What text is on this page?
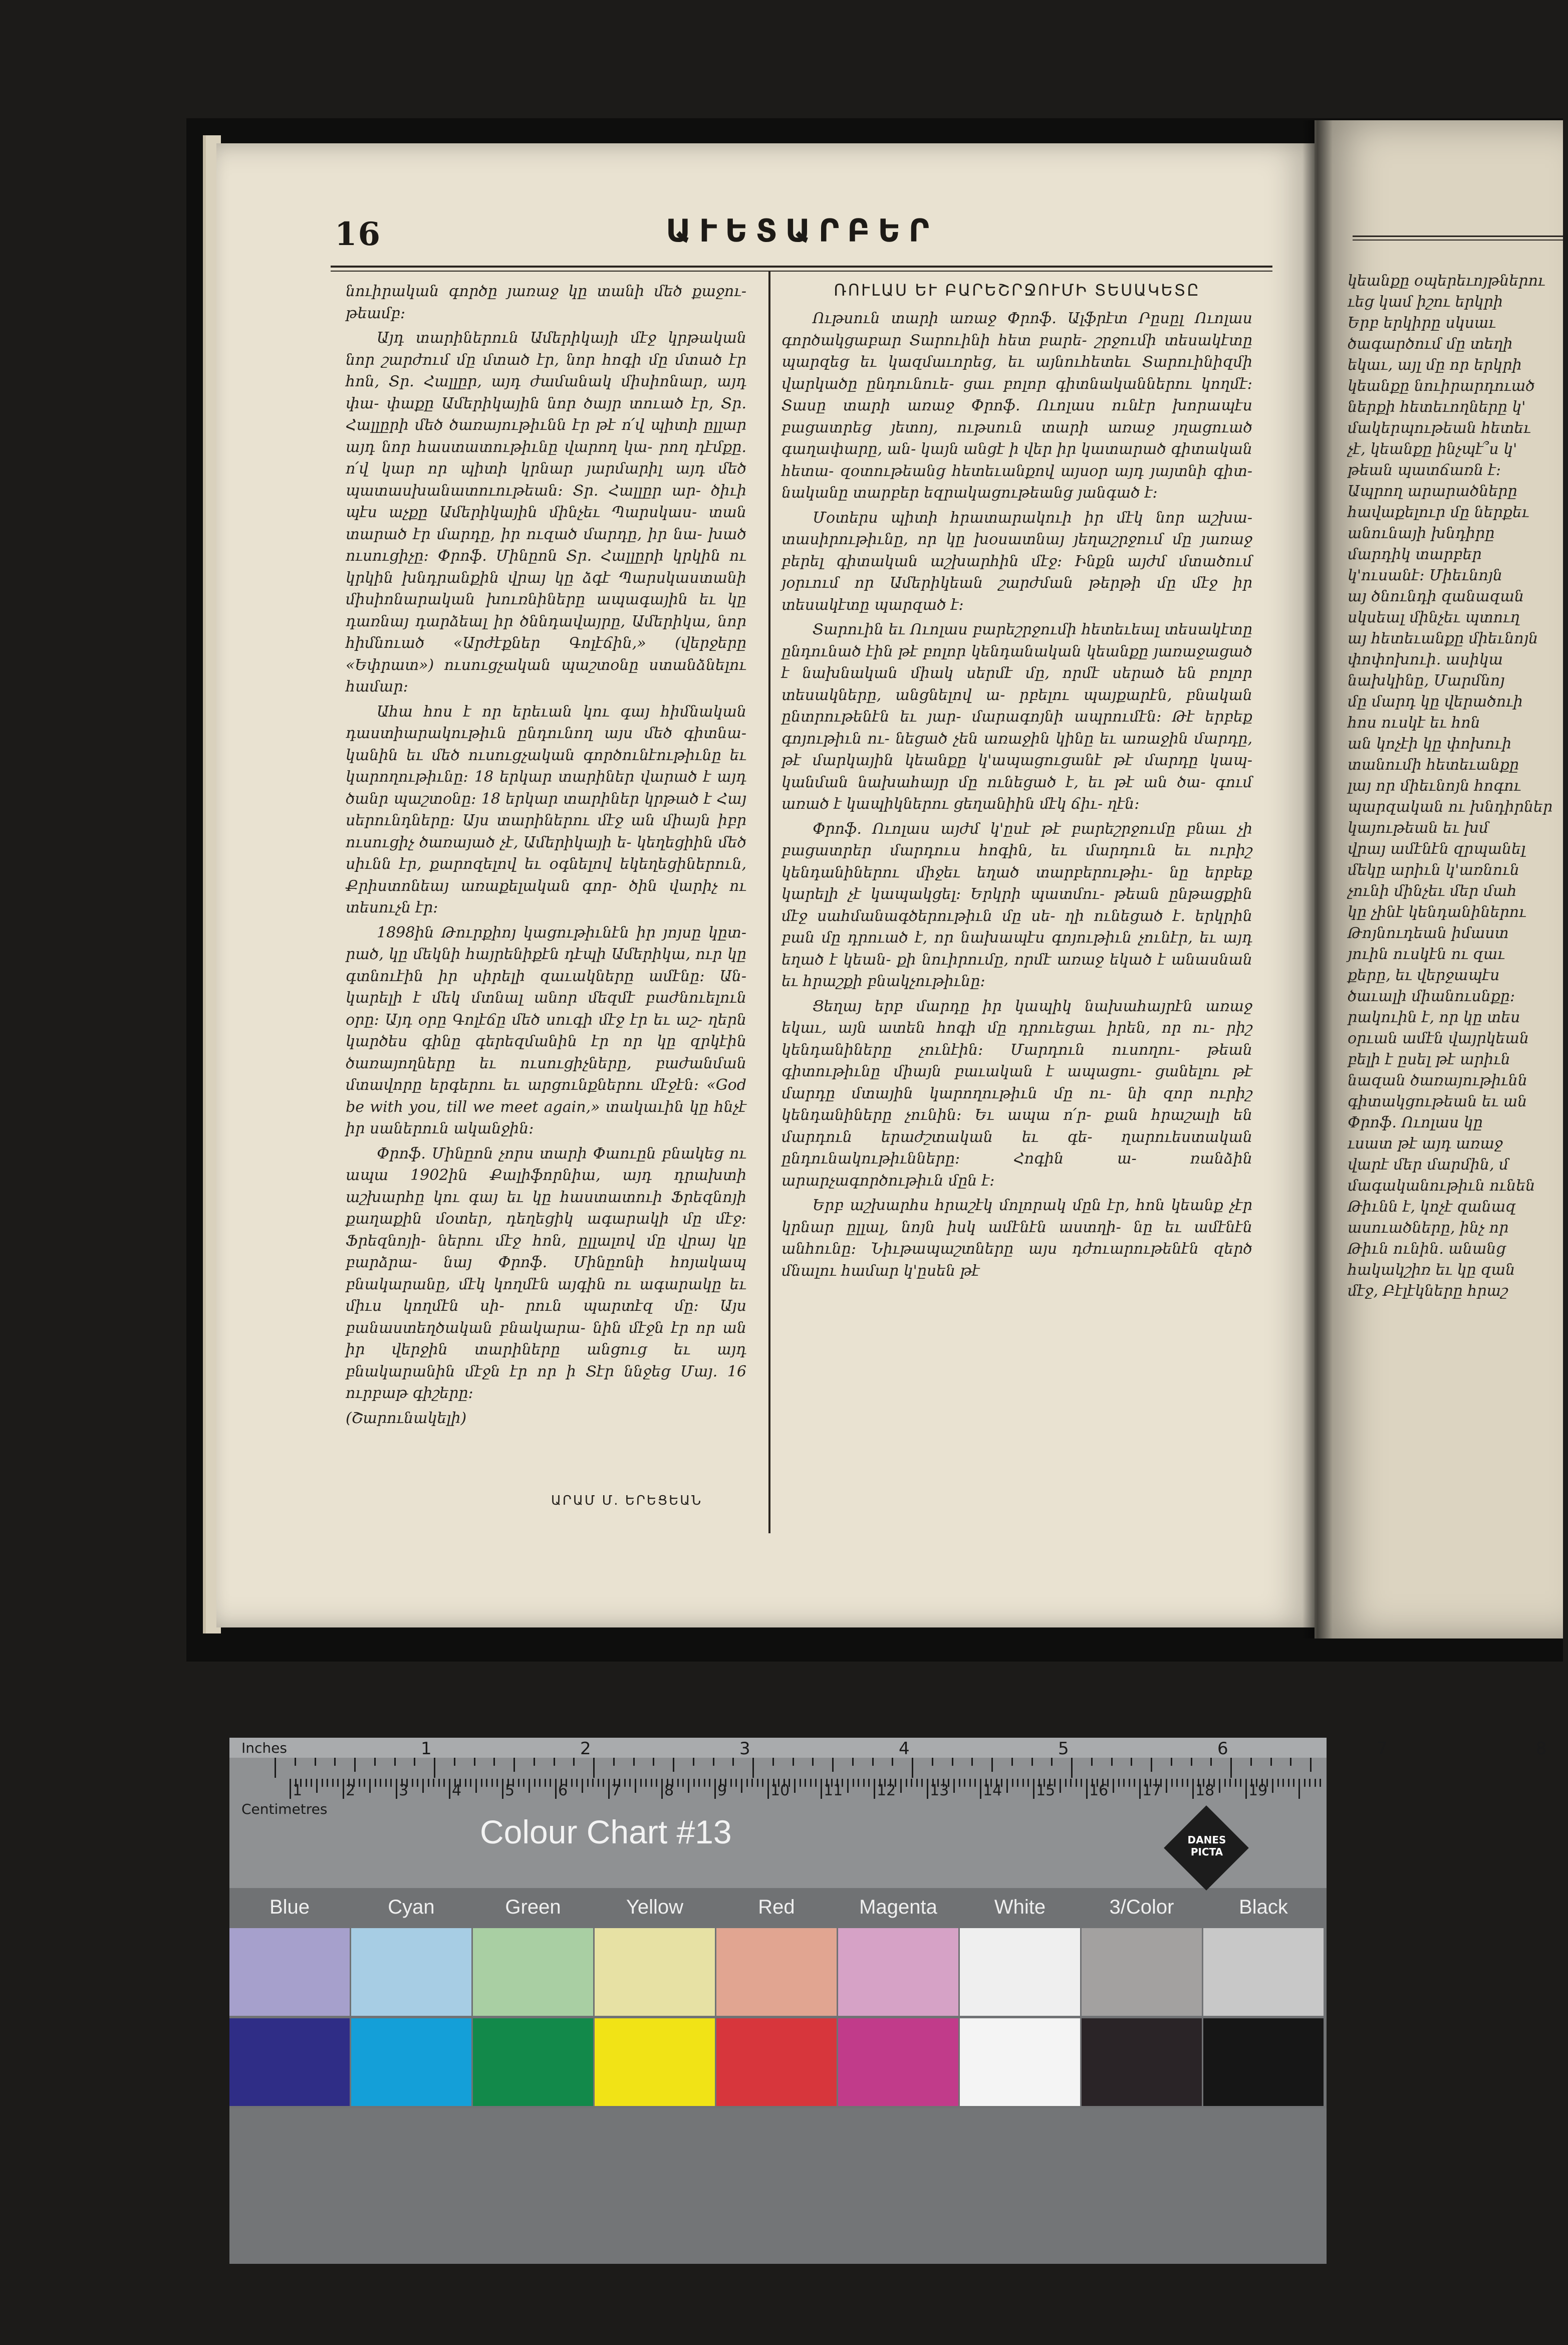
16	ԱՒԵՏԱՐԲԵՐ

նուիրական գործը յառաջ կը տանի մեծ քաջու- թեամբ։

Այդ տարիներուն Ամերիկայի մէջ կրթական նոր շարժում մը մտած էր, նոր հոգի մը մտած էր հոն, Տր. Հալլըր, այդ ժամանակ միսիոնար, այդ փա- փաքը Ամերիկային նոր ծայր տուած էր, Տր. Հալլըրի մեծ ծառայութիւնն էր թէ ո՛վ պիտի ըլլար այդ նոր հաստատութիւնը վարող կա- րող դէմքը. ո՛վ կար որ պիտի կրնար յարմարիլ այդ մեծ պատասխանատուութեան։ Տր. Հալլըր ար- ծիւի պէս աչքը Ամերիկային մինչեւ Պարսկաս- տան տարած էր մարդը, իր ուզած մարդը, իր նա- խած ուսուցիչը։ Փրոֆ. Մինըոն Տր. Հալլըրի կրկին ու կրկին խնդրանքին վրայ կը ձգէ Պարսկաստանի միսիոնարական խուռնիները ապագային եւ կը դառնայ դարձեալ իր ծննդավայրը, Ամերիկա, նոր հիմնուած «Արժէքներ Գոլէճին,» (վերջերը «Եփրատ») ուսուցչական պաշտօնը ստանձնելու համար։

Ահա հոս է որ երեւան կու գայ հիմնական դաստիարակութիւն ընդունող այս մեծ գիտնա- կանին եւ մեծ ուսուցչական գործունէութիւնը եւ կարողութիւնը։ 18 երկար տարիներ վարած է այդ ծանր պաշտօնը։ 18 երկար տարիներ կրթած է Հայ սերունդները։ Այս տարիներու մէջ ան միայն իբր ուսուցիչ ծառայած չէ, Ամերիկայի ե- կեղեցիին մեծ սիւնն էր, քարոզելով եւ օգնելով եկեղեցիներուն, Քրիստոնեայ առաքելական գոր- ծին վարիչ ու տեսուչն էր։

1898ին Թուրքիոյ կացութիւնէն իր յոյսը կըտ- րած, կը մեկնի հայրենիքէն դէպի Ամերիկա, ուր կը գտնուէին իր սիրելի զաւակները ամէնը։ Ան- կարելի է մեկ մտնալ անոր մեզմէ բաժնուելուն օրը։ Այդ օրը Գոլէճը մեծ սուգի մէջ էր եւ աշ- ղերն կարծես գինը գերեզմանին էր որ կը զրկէին ծառայողները եւ ուսուցիչները, բաժանման մտավորը երգերու եւ արցունքներու մէջէն։ «God be with you, till we meet again,» տակաւին կը հնչէ իր սաներուն ականջին։

Փրոֆ. Մինըոն չորս տարի Փաուըն բնակեց ու ապա 1902ին Քալիֆորնիա, այդ դրախտի աշխարհը կու գայ եւ կը հաստատուի Ֆրեզնոյի քաղաքին մօտեր, դեղեցիկ ագարակի մը մէջ։ Ֆրեզնոյի- ներու մէջ հոն, ըլլալով մը վրայ կը բարձրա- նայ Փրոֆ. Մինըոնի հոյակապ բնակարանը, մէկ կողմէն այգին ու ագարակը եւ միւս կողմէն սի- րուն պարտէզ մը։ Այս բանաստեղծական բնակարա- նին մէջն էր որ ան իր վերջին տարիները անցուց եւ այդ բնակարանին մէջն էր որ ի Տէր ննջեց Մայ. 16 ուրբաթ գիշերը։

(Շարունակելի)

ԱՐԱՄ Մ. ԵՐԵՑԵԱՆ
ՌՈՒԼԱՍ ԵՒ ԲԱՐԵՇՐՋՈՒՄԻ ՏԵՍԱԿԵՏԸ

Ութսուն տարի առաջ Փրոֆ. Ալֆրէտ Րըսըլ Ուոլաս գործակցաբար Տարուինի հետ բարե- շրջումի տեսակէտը պարզեց եւ կազմաւորեց, եւ այնուհետեւ Տարուինիզմի վարկածը ընդունուե- ցաւ բոլոր գիտնականներու կողմէ։ Տասը տարի առաջ Փրոֆ. Ուոլաս ունէր խորապէս բացատրեց յետոյ, ութսուն տարի առաջ յղացուած գաղափարը, ան- կայն անցէ ի վեր իր կատարած գիտական հետա- զօտութեանց հետեւանքով այսօր այդ յայտնի գիտ- նականը տարբեր եզրակացութեանց յանգած է։

Մօտերս պիտի հրատարակուի իր մէկ նոր աշխա- տասիրութիւնը, որ կը խօսատնայ յեղաշրջում մը յառաջ բերել գիտական աշխարհին մէջ։ Ինքն այժմ մտածում յօրւում որ Ամերիկեան շարժման թերթի մը մէջ իր տեսակէտը պարզած է։

Տարուին եւ Ուոլաս բարեշրջումի հետեւեալ տեսակէտը ընդունած էին թէ բոլոր կենդանական կեանքը յառաջացած է նախնական միակ սերմէ մը, որմէ սերած են բոլոր տեսակները, անցնելով ա- րբելու պայքարէն, բնական ընտրութենէն եւ յար- մարագոյնի ապրումէն։ Թէ երբեք գոյութիւն ու- նեցած չեն առաջին կինը եւ առաջին մարդը, թէ մարկային կեանքը կ'ապացուցանէ թէ մարդը կապ- կանման նախահայր մը ունեցած է, եւ թէ ան ծա- գում առած է կապիկներու ցեղանիին մէկ ճիւ- ղէն։

Փրոֆ. Ուոլաս այժմ կ'ըսէ թէ բարեշրջումը բնաւ չի բացատրեր մարդուս հոգին, եւ մարդուն եւ ուրիշ կենդանիներու միջեւ եղած տարբերութիւ- նը երբեք կարելի չէ կապակցել։ Երկրի պատմու- թեան ընթացքին մէջ սահմանագծերութիւն մը սե- ղի ունեցած է. երկրին բան մը դրուած է, որ նախապէս գոյութիւն չունէր, եւ այդ եղած է կեան- քի նուիրումը, որմէ առաջ եկած է անասնան եւ հրաշքի բնակչութիւնը։

Ցեղայ երբ մարդը իր կապիկ նախահայրէն առաջ եկաւ, այն ատեն հոգի մը դրուեցաւ իրեն, որ ու- րիշ կենդանիները չունէին։ Մարդուն ուսողու- թեան գիտութիւնը միայն բաւական է ապացու- ցանելու թէ մարդը մտային կարողութիւն մը ու- նի զոր ուրիշ կենդանիները չունին։ Եւ ապա ո՛ր- քան հրաշալի են մարդուն երաժշտական եւ գե- ղարուեստական ընդունակութիւնները։ Հոգին ա- ռանձին արարչագործութիւն մըն է։

Երբ աշխարհս հրաշէկ մոլորակ մըն էր, հոն կեանք չէր կրնար ըլլալ, նոյն իսկ ամէնէն աստղի- նը եւ ամէնէն անհունը։ Նիւթապաշտները այս դժուարութենէն զերծ մնալու համար կ'ըսեն թէ

կեանքը օպերեւոյթներու
ւեց կամ իշու երկրի
Երբ երկիրը սկսաւ
ծագարծում մը տեղի
եկաւ, այլ մը որ երկրի
կեանքը նուիրարդուած
ներքի հետեւողները կ'
մակերպութեան հետեւ
չէ, կեանքը ինչպէ՞ս կ'
թեան պատճառն է։
Ապրող արարածները
հավաքելուր մը ներքեւ
անունայի խնդիրը
մարդիկ տարբեր
կ'ուսանէ։ Միեւնոյն
այ ծնունդի զանազան
սկսեալ մինչեւ պտուղ
այ հետեւանքը միեւնոյն
փոփոխուի. ասիկա
նախկինը, Մարմնոյ
մը մարդ կը վերածուի
հոս ուսկէ եւ հոն
ան կոչէի կը փոխուի
տանումի հետեւանքը
լայ որ միեւնոյն հոգու
պարզական ու խնդիրներ
կայութեան եւ խմ
վրայ ամէնէն զրպանել
մեկը արիւն կ'առնուն
չունի մինչեւ մեր մահ
կը չինէ կենդանիներու
Թոյնուդեան իմաստ
յուին ուսկէն ու զաւ
քերը, եւ վերջապէս
ծաւալի միանուսնքը։
րակուին է, որ կը տես
օրւան ամէն վայրկեան
բելի է ըսել թէ արիւն
նազան ծառայութիւնն
գիտակցութեան եւ ան
Փրոֆ. Ուոլաս կը
ւսատ թէ այդ առաջ
վարէ մեր մարմին, մ
մագականութիւն ունեն
Թիւնն է, կոչէ զանազ
ասուածները, ինչ որ
Թիւն ունին. անանց
հակակշիռ եւ կը զան
մէջ, Բէլէկները հրաշ
Inches
Centimetres
Colour Chart #13	DANES PICTA
1	2	3	4	5	6	7	8
1	2	3	4	5	6	7	8	9	10 11 12 13 14 15 16 17 18 19
Blue	Cyan	Green	Yellow	Red	Magenta	White	3/Color	Black
